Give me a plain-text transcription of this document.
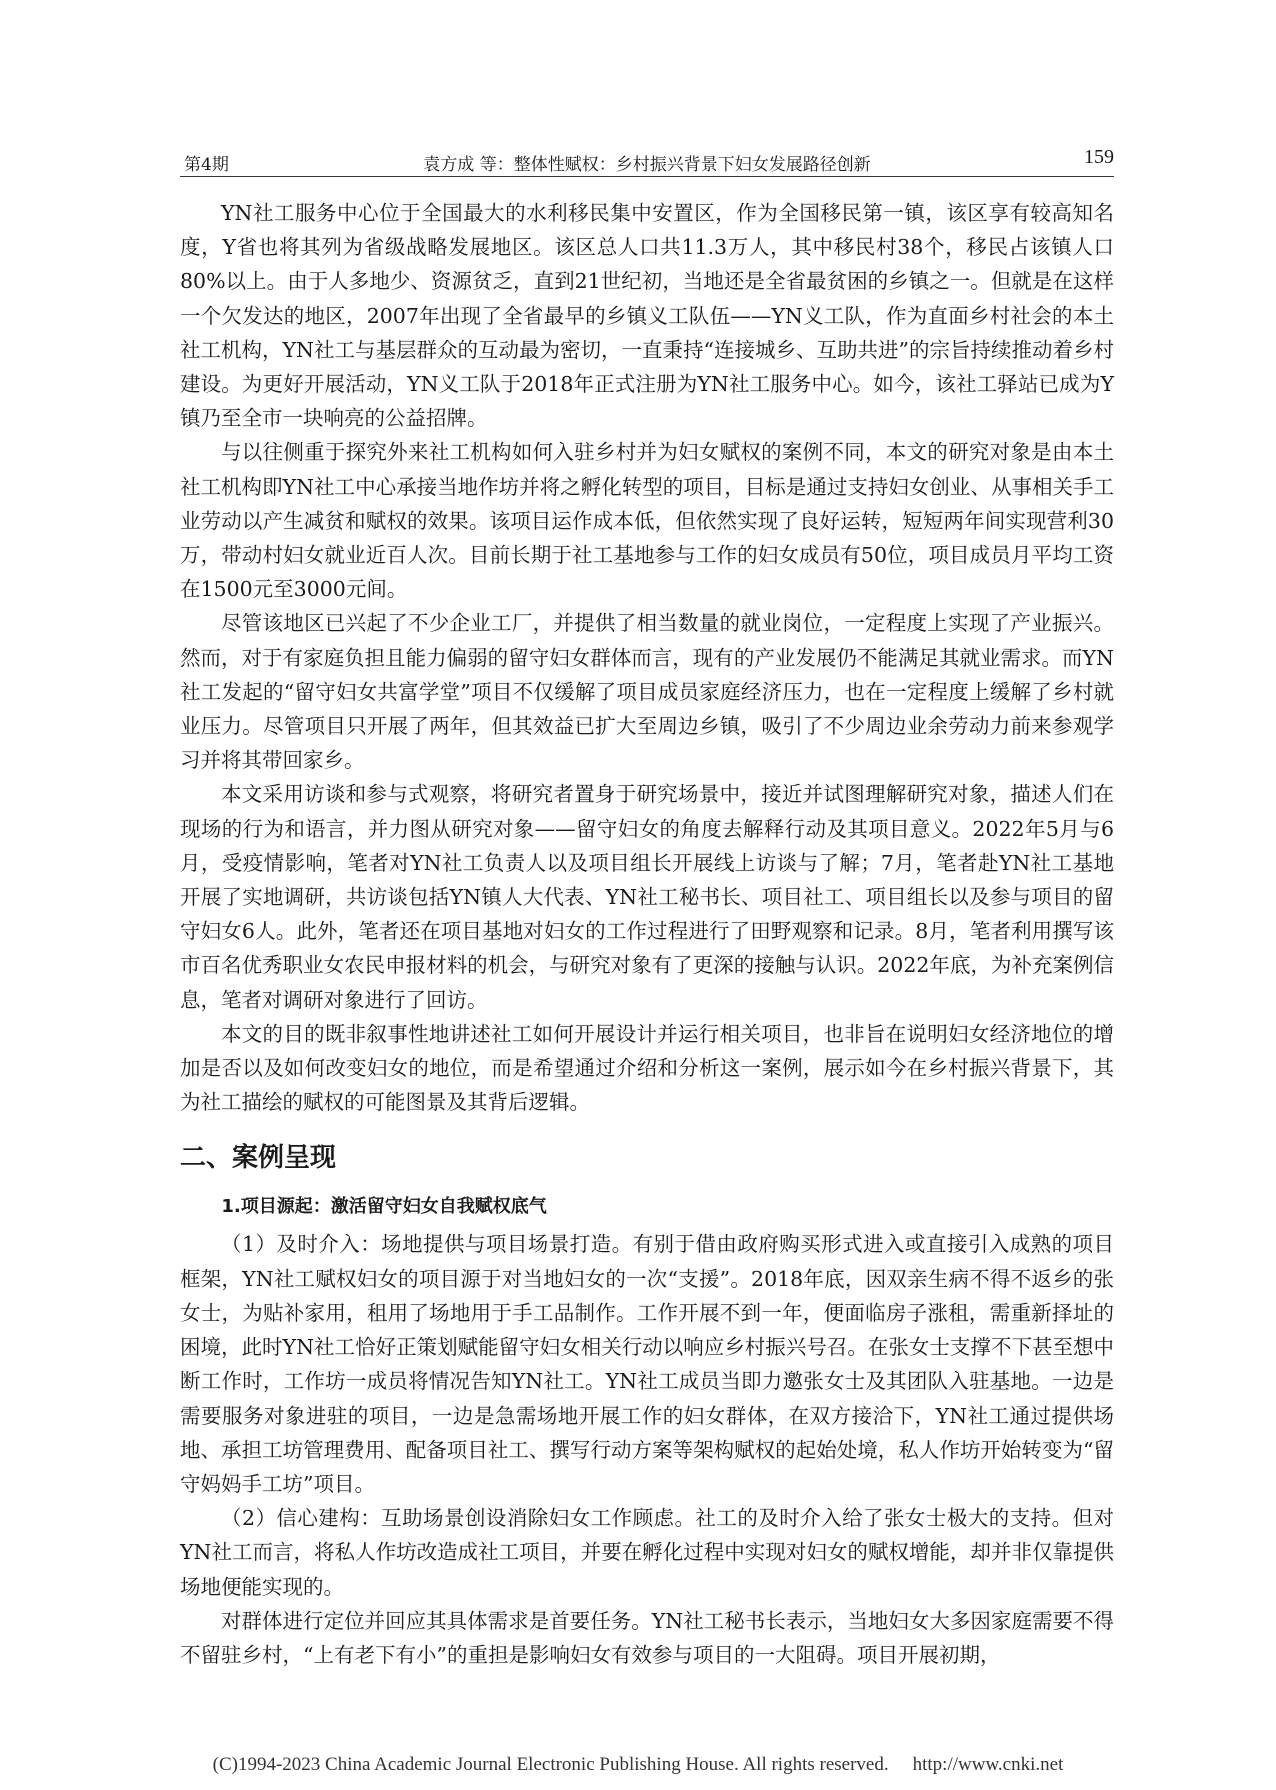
第4期	袁方成 等：整体性赋权：乡村振兴背景下妇女发展路径创新	159

YN社工服务中心位于全国最大的水利移民集中安置区，作为全国移民第一镇，该区享有较高知名度，Y省也将其列为省级战略发展地区。该区总人口共11.3万人，其中移民村38个，移民占该镇人口80%以上。由于人多地少、资源贫乏，直到21世纪初，当地还是全省最贫困的乡镇之一。但就是在这样一个欠发达的地区，2007年出现了全省最早的乡镇义工队伍——YN义工队，作为直面乡村社会的本土社工机构，YN社工与基层群众的互动最为密切，一直秉持“连接城乡、互助共进”的宗旨持续推动着乡村建设。为更好开展活动，YN义工队于2018年正式注册为YN社工服务中心。如今，该社工驿站已成为Y镇乃至全市一块响亮的公益招牌。

与以往侧重于探究外来社工机构如何入驻乡村并为妇女赋权的案例不同，本文的研究对象是由本土社工机构即YN社工中心承接当地作坊并将之孵化转型的项目，目标是通过支持妇女创业、从事相关手工业劳动以产生减贫和赋权的效果。该项目运作成本低，但依然实现了良好运转，短短两年间实现营利30万，带动村妇女就业近百人次。目前长期于社工基地参与工作的妇女成员有50位，项目成员月平均工资在1500元至3000元间。

尽管该地区已兴起了不少企业工厂，并提供了相当数量的就业岗位，一定程度上实现了产业振兴。然而，对于有家庭负担且能力偏弱的留守妇女群体而言，现有的产业发展仍不能满足其就业需求。而YN社工发起的“留守妇女共富学堂”项目不仅缓解了项目成员家庭经济压力，也在一定程度上缓解了乡村就业压力。尽管项目只开展了两年，但其效益已扩大至周边乡镇，吸引了不少周边业余劳动力前来参观学习并将其带回家乡。

本文采用访谈和参与式观察，将研究者置身于研究场景中，接近并试图理解研究对象，描述人们在现场的行为和语言，并力图从研究对象——留守妇女的角度去解释行动及其项目意义。2022年5月与6月，受疫情影响，笔者对YN社工负责人以及项目组长开展线上访谈与了解；7月，笔者赴YN社工基地开展了实地调研，共访谈包括YN镇人大代表、YN社工秘书长、项目社工、项目组长以及参与项目的留守妇女6人。此外，笔者还在项目基地对妇女的工作过程进行了田野观察和记录。8月，笔者利用撰写该市百名优秀职业女农民申报材料的机会，与研究对象有了更深的接触与认识。2022年底，为补充案例信息，笔者对调研对象进行了回访。

本文的目的既非叙事性地讲述社工如何开展设计并运行相关项目，也非旨在说明妇女经济地位的增加是否以及如何改变妇女的地位，而是希望通过介绍和分析这一案例，展示如今在乡村振兴背景下，其为社工描绘的赋权的可能图景及其背后逻辑。

二、案例呈现
1.项目源起：激活留守妇女自我赋权底气

（1）及时介入：场地提供与项目场景打造。有别于借由政府购买形式进入或直接引入成熟的项目框架，YN社工赋权妇女的项目源于对当地妇女的一次“支援”。2018年底，因双亲生病不得不返乡的张女士，为贴补家用，租用了场地用于手工品制作。工作开展不到一年，便面临房子涨租，需重新择址的困境，此时YN社工恰好正策划赋能留守妇女相关行动以响应乡村振兴号召。在张女士支撑不下甚至想中断工作时，工作坊一成员将情况告知YN社工。YN社工成员当即力邀张女士及其团队入驻基地。一边是需要服务对象进驻的项目，一边是急需场地开展工作的妇女群体，在双方接洽下，YN社工通过提供场地、承担工坊管理费用、配备项目社工、撰写行动方案等架构赋权的起始处境，私人作坊开始转变为“留守妈妈手工坊”项目。

（2）信心建构：互助场景创设消除妇女工作顾虑。社工的及时介入给了张女士极大的支持。但对YN社工而言，将私人作坊改造成社工项目，并要在孵化过程中实现对妇女的赋权增能，却并非仅靠提供场地便能实现的。

对群体进行定位并回应其具体需求是首要任务。YN社工秘书长表示，当地妇女大多因家庭需要不得不留驻乡村，“上有老下有小”的重担是影响妇女有效参与项目的一大阻碍。项目开展初期，

(C)1994-2023 China Academic Journal Electronic Publishing House. All rights reserved. http://www.cnki.net
